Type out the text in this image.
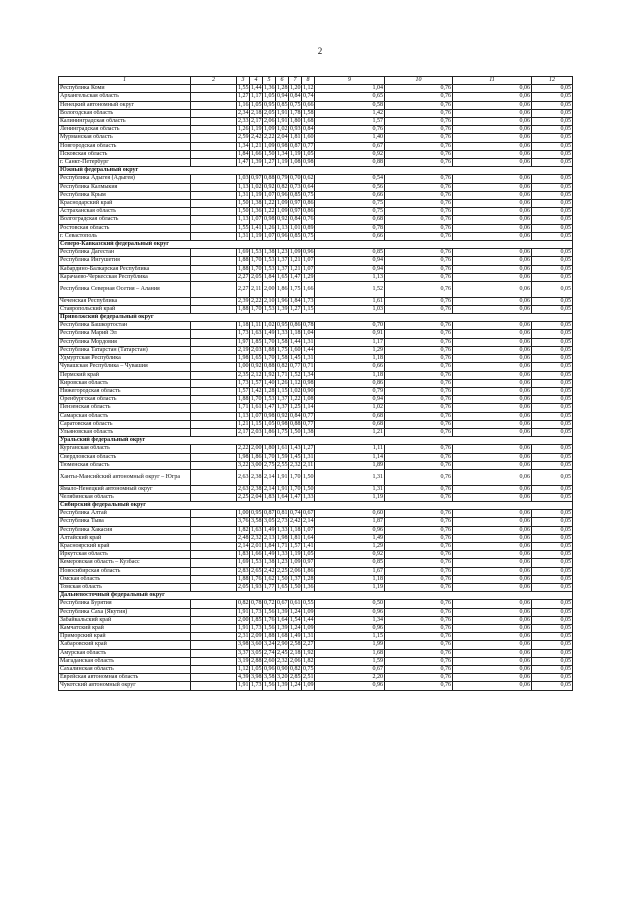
2
1	2	3	4	5	6	7	8	9	10	11	12	
Республика Коми		1,55	1,44	1,36	1,28	1,20	1,12	1,04	0,76	0,06	0,05	
Архангельская область		1,27	1,17	1,05	0,94	0,84	0,74	0,65	0,76	0,06	0,05	
Ненецкий автономный округ		1,16	1,05	0,95	0,85	0,75	0,66	0,58	0,76	0,06	0,05	
Вологодская область		2,34	2,18	2,05	1,91	1,78	1,58	1,42	0,76	0,06	0,05	
Калининградская область		2,33	2,17	2,06	1,91	1,80	1,68	1,57	0,76	0,06	0,05	
Ленинградская область		1,26	1,19	1,09	1,02	0,93	0,84	0,76	0,76	0,06	0,05	
Мурманская область		2,59	2,42	2,22	2,04	1,81	1,60	1,40	0,76	0,06	0,05	
Новгородская область		1,34	1,21	1,09	0,98	0,87	0,77	0,67	0,76	0,06	0,05	
Псковская область		1,84	1,66	1,50	1,34	1,19	1,05	0,92	0,76	0,06	0,05	
г. Санкт-Петербург		1,47	1,39	1,27	1,19	1,08	0,98	0,88	0,76	0,06	0,05	
Южный федеральный округ												
Республика Адыгея (Адыгея)		1,03	0,97	0,88	0,79	0,70	0,62	0,54	0,76	0,06	0,05	
Республика Калмыкия		1,13	1,02	0,92	0,82	0,73	0,64	0,56	0,76	0,06	0,05	
Республика Крым		1,31	1,19	1,07	0,96	0,85	0,75	0,66	0,76	0,06	0,05	
Краснодарский край		1,50	1,38	1,22	1,09	0,97	0,86	0,75	0,76	0,06	0,05	
Астраханская область		1,50	1,36	1,22	1,09	0,97	0,86	0,75	0,76	0,06	0,05	
Волгоградская область		1,13	1,07	0,98	0,92	0,84	0,76	0,68	0,76	0,06	0,05	
Ростовская область		1,55	1,41	1,26	1,13	1,01	0,89	0,78	0,76	0,06	0,05	
г. Севастополь		1,31	1,19	1,07	0,96	0,85	0,75	0,66	0,76	0,06	0,05	
Северо-Кавказский федеральный округ												
Республика Дагестан		1,69	1,53	1,38	1,23	1,09	0,96	0,85	0,76	0,06	0,05	
Республика Ингушетия		1,88	1,70	1,53	1,37	1,21	1,07	0,94	0,76	0,06	0,05	
Кабардино-Балкарская Республика		1,88	1,70	1,53	1,37	1,21	1,07	0,94	0,76	0,06	0,05	
Карачаево-Черкесская Республика		2,27	2,05	1,84	1,65	1,47	1,29	1,13	0,76	0,06	0,05	
Республика Северная Осетия – Алания		2,27	2,11	2,00	1,86	1,75	1,66	1,52	0,76	0,06	0,05	
Чеченская Республика		2,39	2,22	2,10	1,96	1,84	1,73	1,61	0,76	0,06	0,05	
Ставропольский край		1,88	1,70	1,53	1,39	1,27	1,15	1,03	0,76	0,06	0,05	
Приволжский федеральный округ												
Республика Башкортостан		1,18	1,11	1,02	0,95	0,86	0,78	0,70	0,76	0,06	0,05	
Республика Марий Эл		1,73	1,63	1,49	1,33	1,18	1,04	0,91	0,76	0,06	0,05	
Республика Мордовия		1,97	1,85	1,70	1,58	1,44	1,31	1,17	0,76	0,06	0,05	
Республика Татарстан (Татарстан)		2,19	2,03	1,88	1,75	1,60	1,44	1,29	0,76	0,06	0,05	
Удмуртская Республика		1,98	1,65	1,70	1,58	1,45	1,31	1,18	0,76	0,06	0,05	
Чувашская Республика – Чувашия		1,00	0,92	0,88	0,82	0,77	0,71	0,66	0,76	0,06	0,05	
Пермский край		2,35	2,12	1,92	1,71	1,52	1,34	1,18	0,76	0,06	0,05	
Кировская область		1,73	1,57	1,40	1,26	1,12	0,98	0,86	0,76	0,06	0,05	
Нижегородская область		1,57	1,42	1,28	1,15	1,02	0,90	0,79	0,76	0,06	0,05	
Оренбургская область		1,88	1,70	1,53	1,37	1,22	1,08	0,94	0,76	0,06	0,05	
Пензенская область		1,71	1,61	1,47	1,37	1,25	1,14	1,02	0,76	0,06	0,05	
Самарская область		1,13	1,07	0,98	0,92	0,84	0,77	0,68	0,76	0,06	0,05	
Саратовская область		1,21	1,15	1,05	0,98	0,88	0,77	0,68	0,76	0,06	0,05	
Ульяновская область		2,17	2,03	1,86	1,75	1,50	1,38	1,21	0,76	0,06	0,05	
Уральский федеральный округ												
Курганская область		2,22	2,00	1,80	1,61	1,43	1,27	1,11	0,76	0,06	0,05	
Свердловская область		1,98	1,86	1,70	1,59	1,45	1,31	1,14	0,76	0,06	0,05	
Тюменская область		3,22	3,00	2,75	2,55	2,32	2,11	1,89	0,76	0,06	0,05	
Ханты-Мансийский автономный округ – Югра		2,63	2,38	2,14	1,91	1,70	1,50	1,31	0,76	0,06	0,05	
Ямало-Ненецкий автономный округ		2,63	2,38	2,14	1,91	1,70	1,50	1,31	0,76	0,06	0,05	
Челябинская область		2,25	2,04	1,83	1,64	1,47	1,33	1,19	0,76	0,06	0,05	
Сибирский федеральный округ												
Республика Алтай		1,00	0,95	0,87	0,81	0,74	0,67	0,60	0,76	0,06	0,05	
Республика Тыва		3,76	3,58	3,05	2,73	2,42	2,14	1,87	0,76	0,06	0,05	
Республика Хакасия		1,82	1,63	1,49	1,33	1,18	1,07	0,96	0,76	0,06	0,05	
Алтайский край		2,48	2,32	2,13	1,98	1,81	1,64	1,49	0,76	0,06	0,05	
Красноярский край		2,14	2,01	1,84	1,71	1,57	1,41	1,29	0,76	0,06	0,05	
Иркутская область		1,83	1,66	1,49	1,33	1,19	1,05	0,92	0,76	0,06	0,05	
Кемеровская область – Кузбасс		1,69	1,53	1,38	1,23	1,09	0,97	0,85	0,76	0,06	0,05	
Новосибирская область		2,83	2,65	2,42	2,25	2,06	1,86	1,67	0,76	0,06	0,05	
Омская область		1,88	1,76	1,62	1,50	1,37	1,28	1,18	0,76	0,06	0,05	
Томская область		2,05	1,93	1,77	1,65	1,50	1,36	1,19	0,76	0,06	0,05	
Дальневосточный федеральный округ												
Республика Бурятия		0,82	0,78	0,72	0,67	0,61	0,55	0,50	0,76	0,06	0,05	
Республика Саха (Якутия)		1,91	1,73	1,56	1,39	1,24	1,09	0,96	0,76	0,06	0,05	
Забайкальский край		2,00	1,85	1,76	1,64	1,54	1,44	1,34	0,76	0,06	0,05	
Камчатский край		1,91	1,73	1,56	1,39	1,24	1,09	0,96	0,76	0,06	0,05	
Приморский край		2,31	2,09	1,88	1,68	1,49	1,31	1,15	0,76	0,06	0,05	
Хабаровский край		3,98	3,60	3,24	2,90	2,58	2,27	1,99	0,76	0,06	0,05	
Амурская область		3,37	3,05	2,74	2,45	2,18	1,92	1,68	0,76	0,06	0,05	
Магаданская область		3,19	2,88	2,60	2,32	2,06	1,82	1,59	0,76	0,06	0,05	
Сахалинская область		1,12	1,05	0,96	0,90	0,82	0,75	0,67	0,76	0,06	0,05	
Еврейская автономная область		4,39	3,98	3,58	3,20	2,85	2,51	2,20	0,76	0,06	0,05	
Чукотский автономный округ		1,91	1,73	1,56	1,39	1,24	1,09	0,96	0,76	0,06	0,05	
